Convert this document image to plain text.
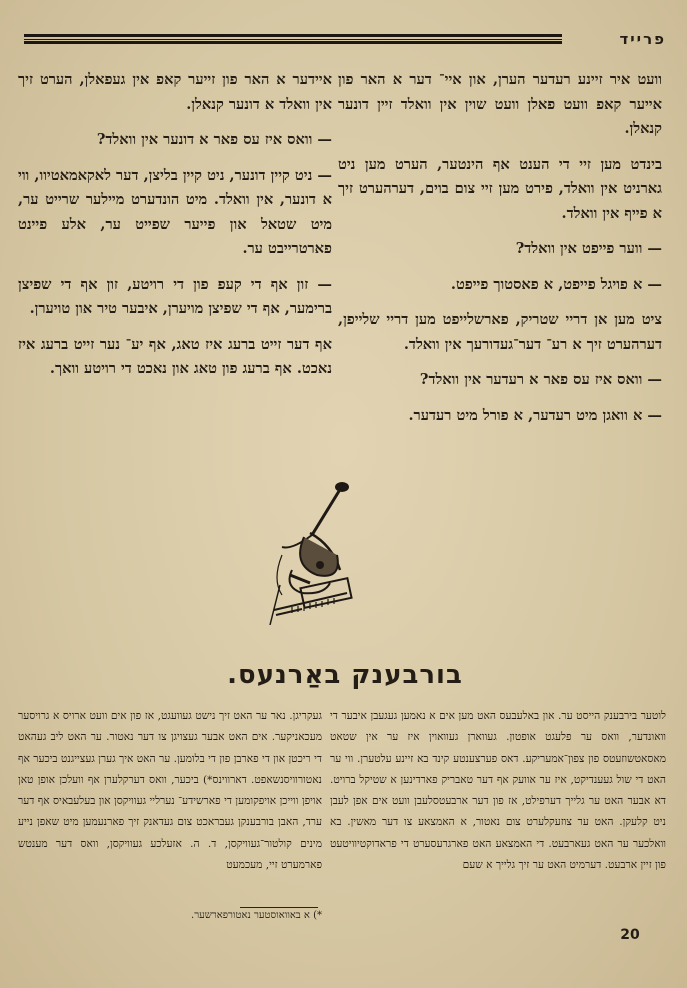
פרייד

וועט איר זיינע רעדער הערן, און איי־ דער א האר פון אייער קאפ וועט פאלן וועט שוין אין וואלד זיין דונער קנאלן.

בינדט מען זיי די הענט אף הינטער, הערט מען ניט גארניט אין וואלד, פירט מען זיי צום בוים, דערהערט זיך א פייף אין וואלד.

— ווער פייפט אין וואלד?

— א פויגל פייפט, א פאסטוך פייפט.

ציט מען אן דריי שטריק, פארשלייפט מען דריי שלייפן, דערהערט זיך א רע־ דער־געדורעך אין וואלד.

— וואס איז עס פאר א רעדער אין וואלד?

— א וואגן מיט רעדער, א פורל מיט רעדער.

איידער א האר פון זייער קאפ אין געפאלן, הערט זיך אין וואלד א דונער קנאלן.

— וואס איז עס פאר א דונער אין וואלד?

— ניט קיין דונער, ניט קיין בליצן, דער לאקאמאטיוו, ווי א דונער, אין וואלד. מיט הונדערט מיילער שרייט ער, מיט שטאל און פייער שפייט ער, אלע פיינט פארטרייבט ער.

— זון אף די קעפ פון די רויטע, זון אף די שפיצן ברימער, אף די שפיצן מויערן, איבער טיר און טויערן.

אף דער זייט ברעג איז טאג, אף יע־ נער זייט ברעג איז נאכט. אף ברעג פון טאג און נאכט די רויטע וואך.

בורבענק באַרנעס.

לוטער בירבענק הייסט ער. און באלעבעס האט מען אים א נאמען געגעבן איבער די וואונדער, וואס ער פלעגט אופטון. געווארן געוואוין איז ער אין שטאט מאסאטשוזעטס פון צפון־אמעריקע. דאס פערצענטע קינד בא זיינע עלטערן. ווי ער האט די שול געענדיקט, איז ער אוועק אף דער טאבריק פארדינען א שטיקל ברויט. דא אבער האט ער גלייך דערפילט, אז פון דער ארבעטסלעבן וועט אים אפן לעבן ניט קלעקן. האט ער צוזעקלערט צום נאטור, א האמצאע צו דער מאשין. בא וואלכער ער האט געארבעט. די האמצאע האט פארגרעסערט די פראדוקטיוויטעט פון זיין ארבעט. דערמיט האט ער זיך גלייך א שעם

געקריגן. נאר ער האט זיך נישט געוועגט, אז פון אים וועט ארויס א גרויסער מעכאניקער. אים האט אבער געצויגן צו דער נאטור. ער האט ליב געהאט די ריכטן און די פארבן פון די בלומען. ער האט איך גערן געצייגנט ביכער אף נאטורוויסנשאפט. דארווינס*) ביכער, וואס דערקלערן אף וועלכן אופן טאן אויפן ווייכן אויפקומען די פארשידע־ נערליי געוויקסן און בעלעבאיס אף דער ערד, האבן בורבענקן געבראכט צום געדאנק זיך פארנעמען מיט שאפן נייע מינים קולטור־געוויקסן, ד. ה. אזעלכע געוויקסן, וואס דער מענטש פארמערט זיי, מעכמעט

*) א באוואוסטער נאטורפארשער.
20
